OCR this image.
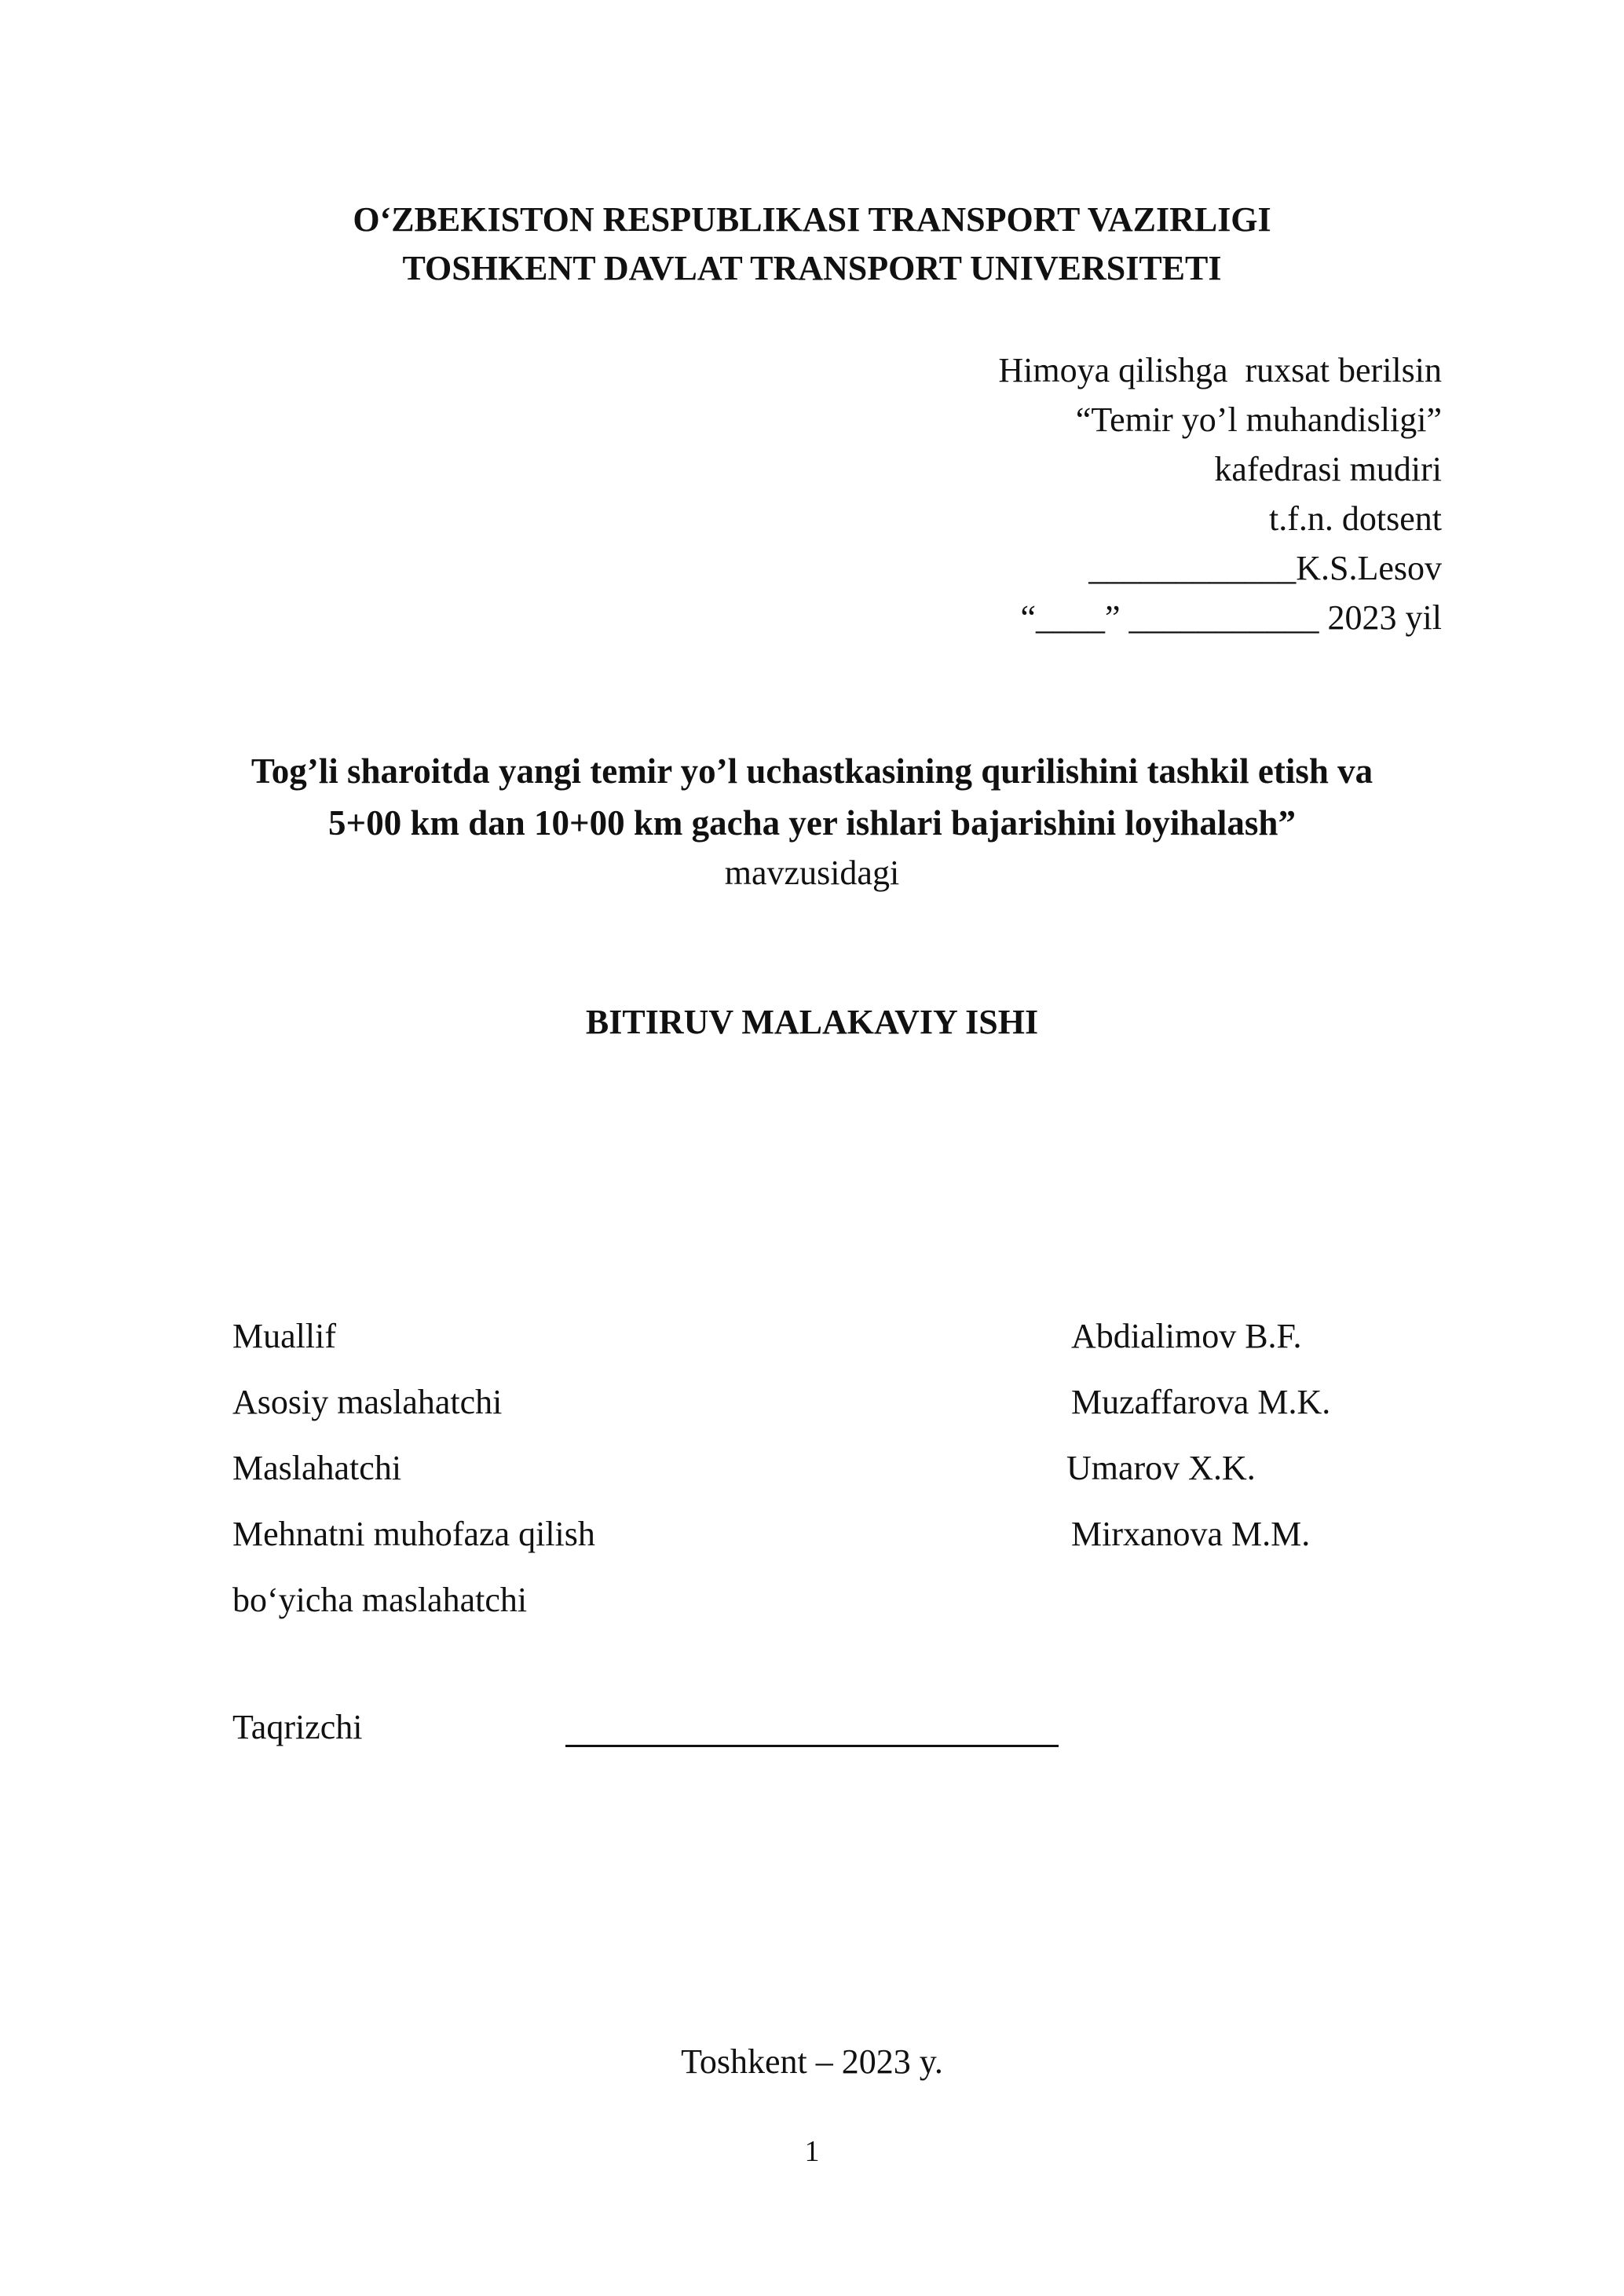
O‘ZBEKISTON RESPUBLIKASI TRANSPORT VAZIRLIGI
TOSHKENT DAVLAT TRANSPORT UNIVERSITETI
Himoya qilishga  ruxsat berilsin
“Temir yo’l muhandisligi”
kafedrasi mudiri
t.f.n. dotsent
____________K.S.Lesov
“____” ___________ 2023 yil
Tog’li sharoitda yangi temir yo’l uchastkasining qurilishini tashkil etish va
5+00 km dan 10+00 km gacha yer ishlari bajarishini loyihalash”
mavzusidagi
BITIRUV MALAKAVIY ISHI
Muallif	Abdialimov B.F.
Asosiy maslahatchi	Muzaffarova M.K.
Maslahatchi	Umarov X.K.
Mehnatni muhofaza qilish	Mirxanova M.M.
bo‘yicha maslahatchi
Taqrizchi
Toshkent – 2023 y.
1
